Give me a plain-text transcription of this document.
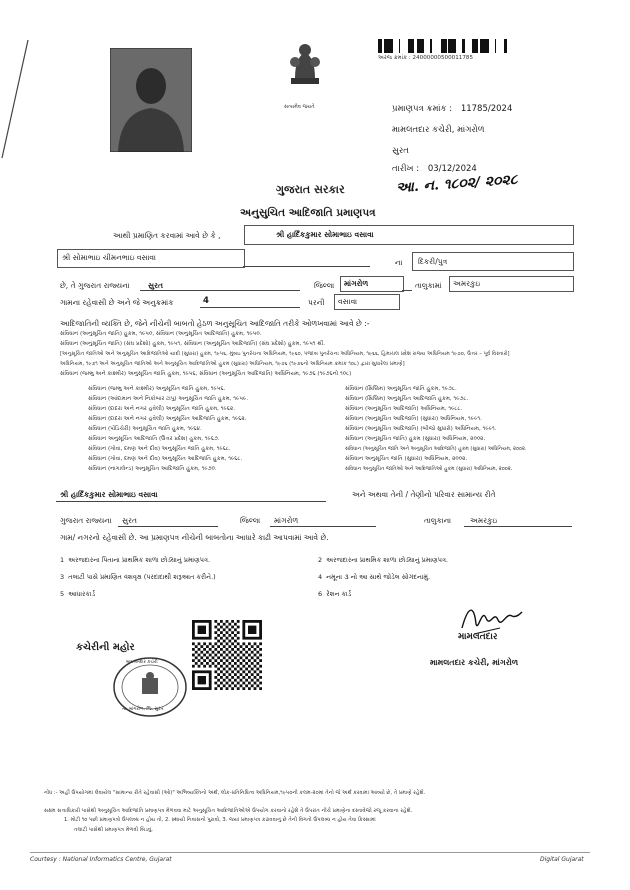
સત્યમેવ જયતે
અરજ ક્રમાંક : 24000000500011785
પ્રમાણપત્ર ક્રમાંક : 11785/2024
મામલતદાર કચેરી, માંગરોળ
સુરત
તારીખ : 03/12/2024
આ. ન. ૧૮૦૨/ ૨૦૨૮
ગુજરાત સરકાર
અનુસુચિત આદિજાતિ પ્રમાણપત્ર
આથી પ્રમાણિત કરવામાં આવે છે કે ,	શ્રી હાર્દિકકુમાર સોમાભાઇ વસાવા
શ્રી સોમાભાઇ ચીમનભાઇ વસાવા
ના દિકરી/પુત્ર
છે, તે ગુજરાત રાજ્યના સુરત	જિલ્લા માંગરોળ	તાલુકામાં અમરકુઇ
ગામના રહેવાસી છે અને જે અનુક્રમાંક	4	પરની વસાવા
આદિજાતિની વ્યક્તિ છે, જેને નીચેની બાબતો હેઠળ અનુસૂચિત આદિજાતિ તરીકે ઓળખવામાં આવે છે :-
સંવિધાન (અનુસૂચિત જાતિ) હુકમ, ૧૯૫૦, સંવિધાન (અનુસૂચિત આદિજાતિ) હુકમ, ૧૯૫૦.
સંવિધાન (અનુસૂચિત જાતિ) (સંઘ પ્રદેશો) હુકમ, ૧૯૫૧, સંવિધાન (અનુસૂચિત આદિજાતિ) (સંઘ પ્રદેશો) હુકમ, ૧૯૫૧ થી.
[અનુસૂચિત જાતિઓ અને અનુસૂચિત આદિજાતિઓ યાદી (સુધારા) હુકમ, ૧૯૫૬, મુંબઇ પુનર્રચના અધિનિયમ, ૧૯૬૦, પંજાબ પુનર્રચના અધિનિયમ, ૧૯૬૬, હિમાચલ પ્રદેશ રાજ્ય અધિનિયમ ૧૯૭૦, ઉત્તર – પૂર્વ વિસ્તારો]
અધિનિયમ, ૧૯૭૧ અને અનુસૂચિત જાતિઓ અને અનુસૂચિત આદિજાતિઓ હુકમ (સુધારા) અધિનિયમ, ૧૯૭૬ (૧૯૭૬નો અધિનિયમ ક્રમાંક ૧૦૮) દ્વારા સુધારેલા પ્રમાણે]
સંવિધાન (જમ્મુ અને કાશ્મીર) અનુસૂચિત જાતિ હુકમ, ૧૯૫૬, સંવિધાન (અનુસૂચિત આદિજાતિ) અધિનિયમ, ૧૯૭૬ (૧૯૭૬નો ૧૦૮)
સંવિધાન (જમ્મુ અને કાશ્મીર) અનુસૂચિત જાતિ હુકમ, ૧૯૫૬.
સંવિધાન (આંદામાન અને નિકોબાર ટાપુ) અનુસૂચિત જાતિ હુકમ, ૧૯૫૯.
સંવિધાન (દાદરા અને નગર હવેલી) અનુસૂચિત જાતિ હુકમ, ૧૯૬૨.
સંવિધાન (દાદરા અને નગર હવેલી) અનુસૂચિત આદિજાતિ હુકમ, ૧૯૬૨.
સંવિધાન (પોંડિચેરી) અનુસૂચિત જાતિ હુકમ, ૧૯૬૪.
સંવિધાન અનુસૂચિત આદિજાતિ (ઉત્તર પ્રદેશ) હુકમ, ૧૯૬૭.
સંવિધાન (ગોવા, દમણ અને દીવ) અનુસૂચિત જાતિ હુકમ, ૧૯૬૮.
સંવિધાન (ગોવા, દમણ અને દીવ) અનુસૂચિત આદિજાતિ હુકમ, ૧૯૬૮.
સંવિધાન (નાગાલેન્ડ) અનુસૂચિત આદિજાતિ હુકમ, ૧૯૭૦.
સંવિધાન (સિક્કિમ) અનુસૂચિત જાતિ હુકમ, ૧૯૭૮.
સંવિધાન (સિક્કિમ) અનુસૂચિત આદિજાતિ હુકમ, ૧૯૭૮.
સંવિધાન (અનુસૂચિત આદિજાતિ) અધિનિયમ, ૧૯૮૮.
સંવિધાન (અનુસૂચિત આદિજાતિ) (સુધારા) અધિનિયમ, ૧૯૯૧.
સંવિધાન (અનુસૂચિત આદિજાતિ) (બીજો સુધારો) અધિનિયમ, ૧૯૯૧.
સંવિધાન (અનુસૂચિત જાતિ) હુકમ (સુધારા) અધિનિયમ, ૨૦૦૨.
સંવિધાન (અનુસૂચિત જાતિ અને અનુસૂચિત આદિજાતિ) હુકમ (સુધારા) અધિનિયમ, ૨૦૦૨.
સંવિધાન અનુસૂચિત જાતિ (સુધારા) અધિનિયમ, ૨૦૦૨.
સંવિધાન અનુસૂચિત જાતિઓ અને આદિજાતિઓ હુકમ (સુધારા) અધિનિયમ, ૨૦૦૨.
શ્રી હાર્દિકકુમાર સોમાભાઇ વસાવા	અને અથવા તેની / તેણીનો પરિવાર સામાન્ય રીતે
ગુજરાત રાજ્યના સુરત	જિલ્લા માંગરોળ	તાલુકાના	અમરકુઇ
ગામ/ નગરનો રહેવાસી છે. આ પ્રમાણપત્ર નીચેની બાબતોના આધારે કાઢી આપવામાં આવે છે.
1 અરજદારના પિતાના પ્રાથમિક શાળા છોડ્યાનું પ્રમાણપત્ર.	2 અરજદારના પ્રાથમિક શાળા છોડ્યાનું પ્રમાણપત્ર.
3 તલાટી પાસે પ્રમાણિત વંશવૃક્ષ (પરદાદાથી શરૂઆત કરીને.)	4 નમૂના ૩ નો આ સાથે જોડેલ સોગંદનામું.
5 આધારકાર્ડ	6 રેશન કાર્ડ
કચેરીની મહોર
મામલતદાર કચેરી
તા. માંગરોળ, જિ. સુરત
મામલતદાર
મામલતદાર કચેરી, માંગરોળ
નોંધ :- અહીં ઉપયોગમાં લેવાયેલ "સામાન્ય રીતે રહેવાસી (ઓ)" અભિવ્યક્તિનો અર્થ, લોક-પ્રતિનિધિત્વ અધિનિયમ,૧૯૫૦ની કલમ-૨૦માં તેનો જે અર્થ કરવામાં આવ્યો છે, તે પ્રમાણે રહેશે.
સક્ષમ સત્તાધિકારી પાસેથી અનુસૂચિત આદિજાતિ પ્રમાણપત્ર મેળવવા માટે અનુસૂચિત આદિજાતિઓએ ઉપયોગ કરવાનો રહેશે તે ઉપરાંત નીચે પ્રમાણેના દસ્તાવેજો રજૂ કરવાના રહેશે.
1. મોટી ૧૦ પછી પ્રમાણપત્રો ઉપલબ્ધ ન હોય તો, 2. સ્થાયી નિવાસનો પુરાવો, 3. જ્યાં પ્રમાણપત્ર કઢાવવાનું છે તેની વિગતો ઉપલબ્ધ ન હોય તેવા કિસ્સામાં
તલાટી પાસેથી પ્રમાણપત્ર મેળવી બિડવું.
Courtesy : National Informatics Centre, Gujarat	Digital Gujarat
